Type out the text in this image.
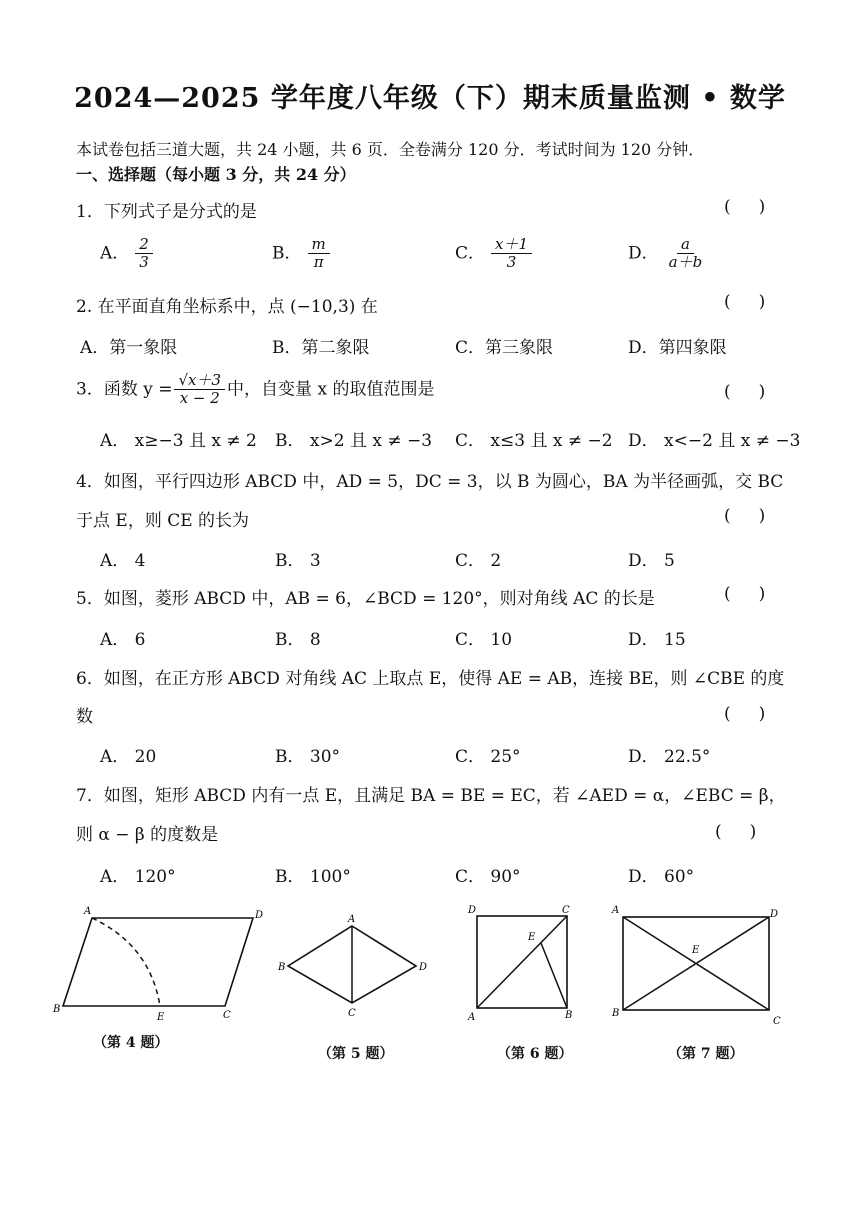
2024—2025 学年度八年级（下）期末质量监测 • 数学
本试卷包括三道大题，共 24 小题，共 6 页．全卷满分 120 分．考试时间为 120 分钟．
一、选择题（每小题 3 分，共 24 分）
1．下列式子是分式的是	()
A． $\frac{2}{3}$	B． $\frac{m}{\pi}$	C． $\frac{x+1}{3}$	D． $\frac{a}{a+b}$
2. 在平面直角坐标系中，点 (−10,3) 在	()
A．第一象限	B．第二象限	C．第三象限	D．第四象限
3．函数 $y = \frac{√x+3}{x - 2}$ 中，自变量 x 的取值范围是	()
A． x≥−3 且 x ≠ 2 B． x>2 且 x ≠ −3 C． x≤3 且 x ≠ −2 D． x<−2 且 x ≠ −3
4．如图，平行四边形 ABCD 中，AD = 5，DC = 3，以 B 为圆心，BA 为半径画弧，交 BC
于点 E，则 CE 的长为	()
A． 4	B． 3	C． 2	D． 5
5．如图，菱形 ABCD 中，AB = 6，∠BCD = 120°，则对角线 AC 的长是	()
A． 6	B． 8	C． 10	D． 15
6．如图，在正方形 ABCD 对角线 AC 上取点 E，使得 AE = AB，连接 BE，则 ∠CBE 的度
数	()
A． 20	B． 30°	C． 25°	D． 22.5°
7．如图，矩形 ABCD 内有一点 E，且满足 BA = BE = EC，若 ∠AED = α，∠EBC = β，
则 α − β 的度数是	()
A． 120°	B． 100°	C． 90°	D． 60°
A	D
B
C
E
A
B
C
D
D	C
E
A	B
A	D
E
B
C
（第 4 题）
（第 5 题）	（第 6 题）	（第 7 题）
